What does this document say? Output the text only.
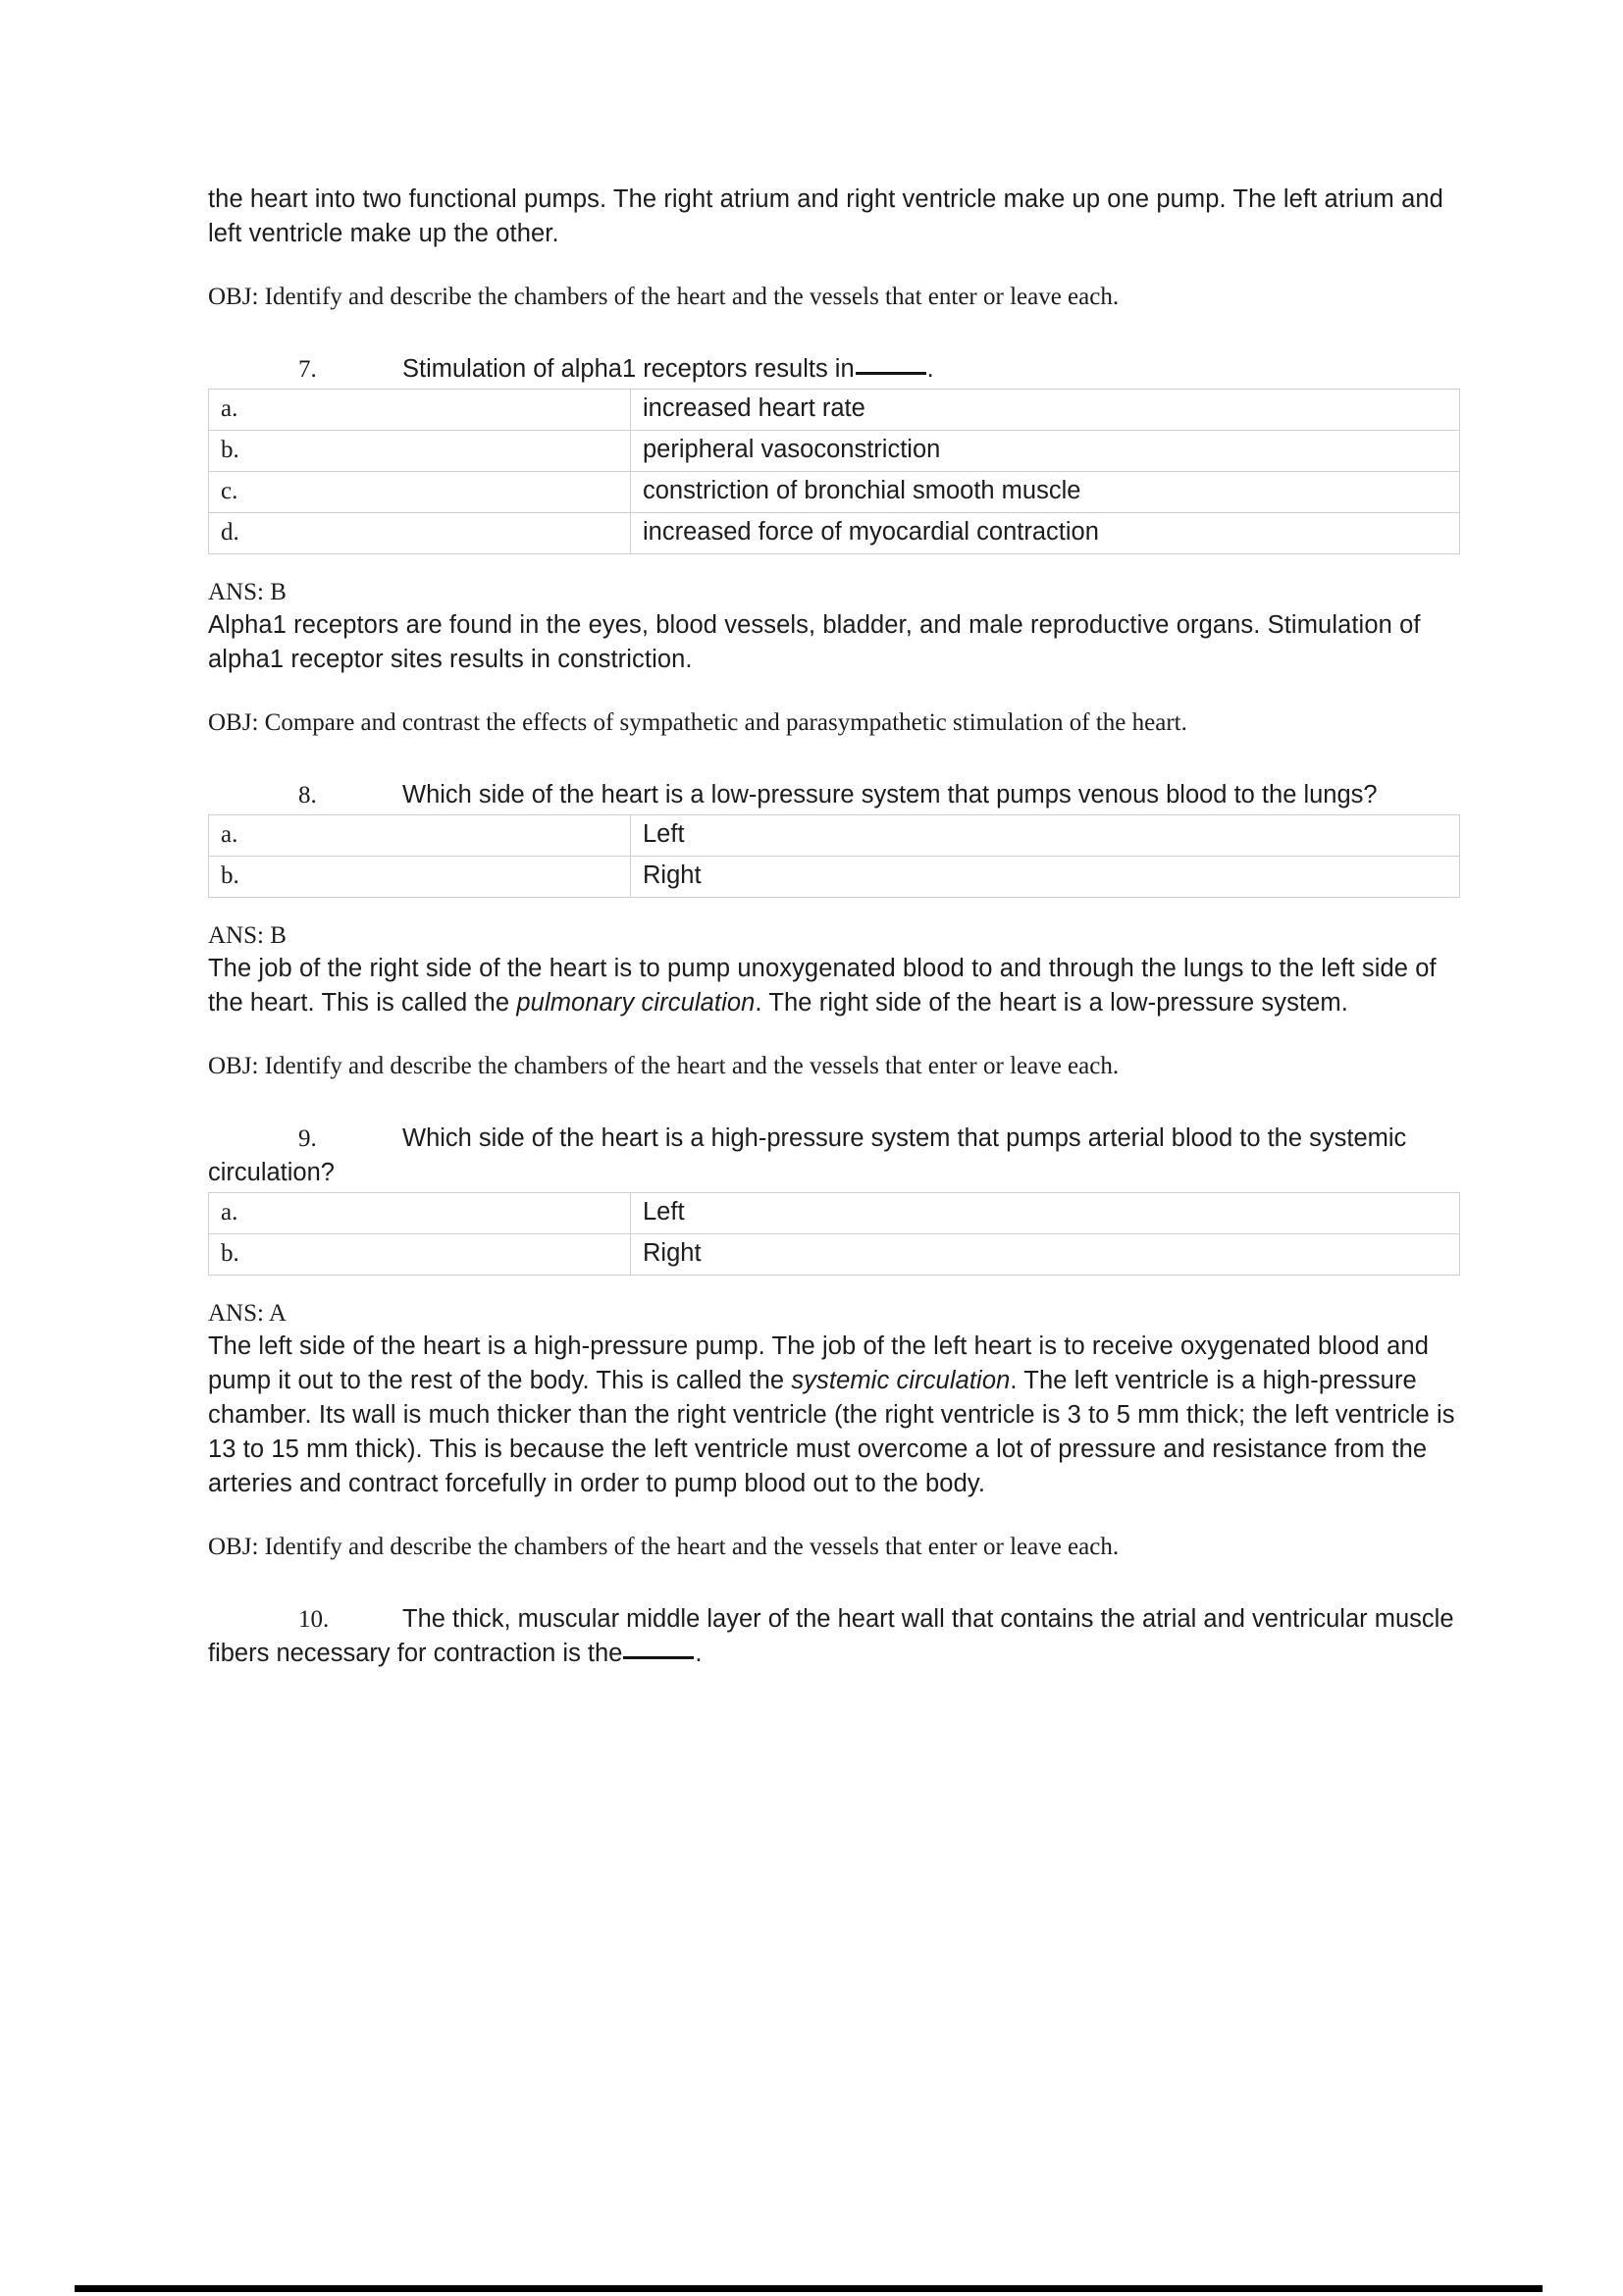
the heart into two functional pumps. The right atrium and right ventricle make up one pump. The left atrium and left ventricle make up the other.

OBJ: Identify and describe the chambers of the heart and the vessels that enter or leave each.

7.	Stimulation of alpha1 receptors results in	.

a.	increased heart rate
b.	peripheral vasoconstriction
c.	constriction of bronchial smooth muscle
d.	increased force of myocardial contraction

ANS: B

Alpha1 receptors are found in the eyes, blood vessels, bladder, and male reproductive organs. Stimulation of alpha1 receptor sites results in constriction.

OBJ: Compare and contrast the effects of sympathetic and parasympathetic stimulation of the heart.

8.	Which side of the heart is a low-pressure system that pumps venous blood to the lungs?

a.	Left
b.	Right

ANS: B

The job of the right side of the heart is to pump unoxygenated blood to and through the lungs to the left side of the heart. This is called the pulmonary circulation. The right side of the heart is a low-pressure system.

OBJ: Identify and describe the chambers of the heart and the vessels that enter or leave each.

9.	Which side of the heart is a high-pressure system that pumps arterial blood to the systemic circulation?

a.	Left
b.	Right

ANS: A

The left side of the heart is a high-pressure pump. The job of the left heart is to receive oxygenated blood and pump it out to the rest of the body. This is called the systemic circulation. The left ventricle is a high-pressure chamber. Its wall is much thicker than the right ventricle (the right ventricle is 3 to 5 mm thick; the left ventricle is 13 to 15 mm thick). This is because the left ventricle must overcome a lot of pressure and resistance from the arteries and contract forcefully in order to pump blood out to the body.

OBJ: Identify and describe the chambers of the heart and the vessels that enter or leave each.

10.	The thick, muscular middle layer of the heart wall that contains the atrial and ventricular muscle fibers necessary for contraction is the	.
